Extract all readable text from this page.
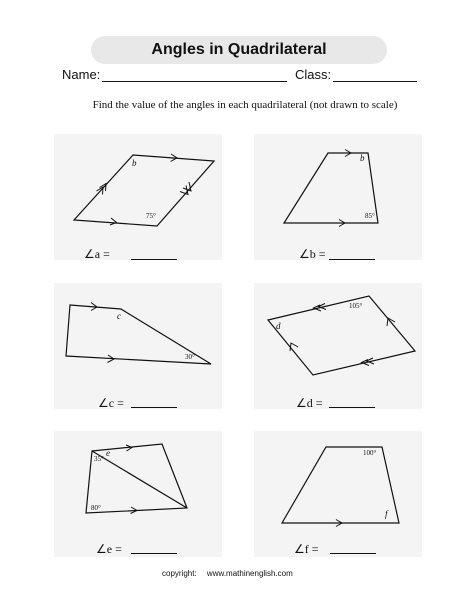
Angles in Quadrilateral
Name:	Class:
Find the value of the angles in each quadrilateral (not drawn to scale)
b
75°
∠a =
b
85°
∠b =
c
30°
∠c =
d
105°
∠d =
e
35°
80°
∠e =
100°
f
∠f =
copyright: www.mathinenglish.com
